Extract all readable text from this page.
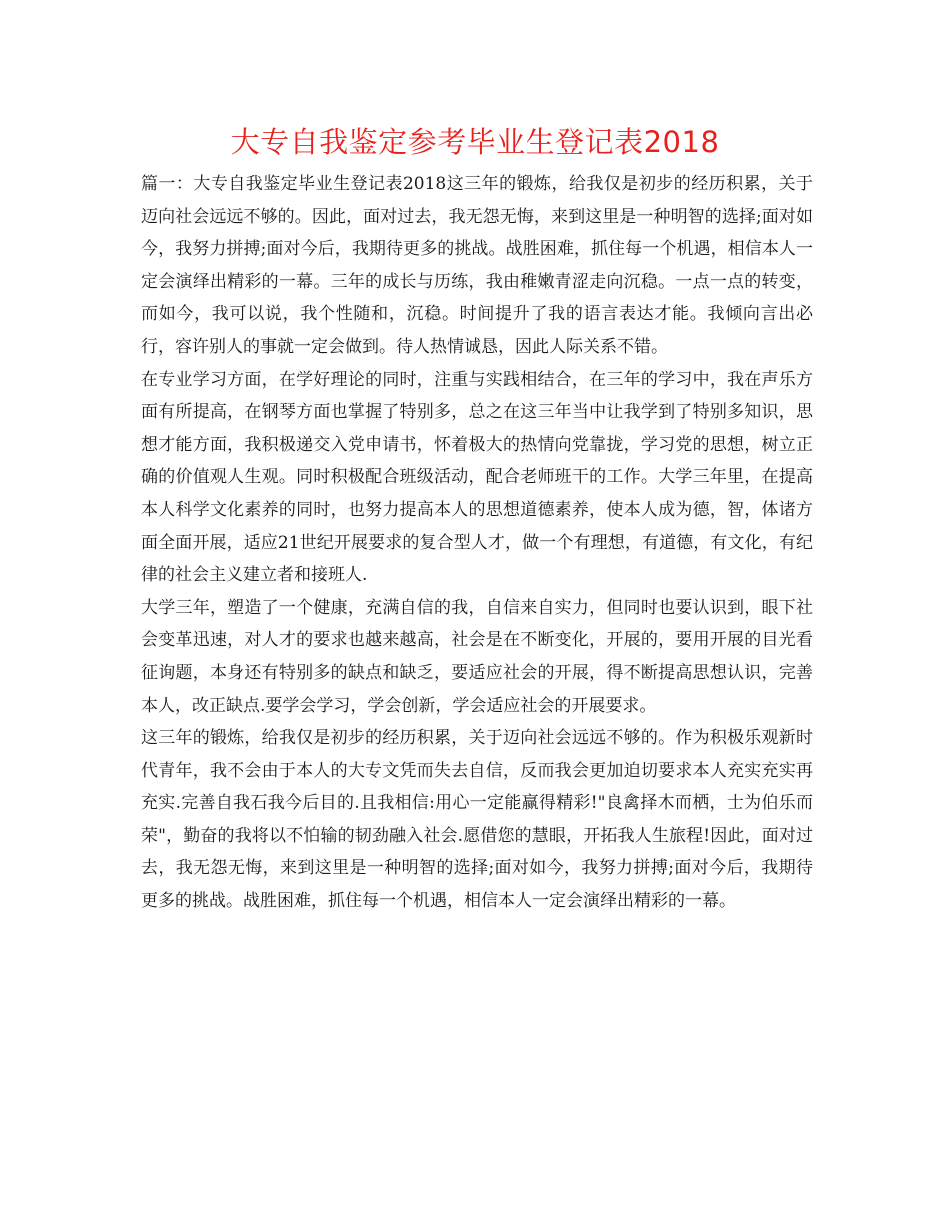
大专自我鉴定参考毕业生登记表2018

篇一：大专自我鉴定毕业生登记表2018这三年的锻炼，给我仅是初步的经历积累，关于迈向社会远远不够的。因此，面对过去，我无怨无悔，来到这里是一种明智的选择;面对如今，我努力拼搏;面对今后，我期待更多的挑战。战胜困难，抓住每一个机遇，相信本人一定会演绎出精彩的一幕。三年的成长与历练，我由稚嫩青涩走向沉稳。一点一点的转变，而如今，我可以说，我个性随和，沉稳。时间提升了我的语言表达才能。我倾向言出必行，容许别人的事就一定会做到。待人热情诚恳，因此人际关系不错。

在专业学习方面，在学好理论的同时，注重与实践相结合，在三年的学习中，我在声乐方面有所提高，在钢琴方面也掌握了特别多，总之在这三年当中让我学到了特别多知识，思想才能方面，我积极递交入党申请书，怀着极大的热情向党靠拢，学习党的思想，树立正确的价值观人生观。同时积极配合班级活动，配合老师班干的工作。大学三年里，在提高本人科学文化素养的同时，也努力提高本人的思想道德素养，使本人成为德，智，体诸方面全面开展，适应21世纪开展要求的复合型人才，做一个有理想，有道德，有文化，有纪律的社会主义建立者和接班人.

大学三年，塑造了一个健康，充满自信的我，自信来自实力，但同时也要认识到，眼下社会变革迅速，对人才的要求也越来越高，社会是在不断变化，开展的，要用开展的目光看征询题，本身还有特别多的缺点和缺乏，要适应社会的开展，得不断提高思想认识，完善本人，改正缺点.要学会学习，学会创新，学会适应社会的开展要求。

这三年的锻炼，给我仅是初步的经历积累，关于迈向社会远远不够的。作为积极乐观新时代青年，我不会由于本人的大专文凭而失去自信，反而我会更加迫切要求本人充实充实再充实.完善自我石我今后目的.且我相信:用心一定能赢得精彩!"良禽择木而栖，士为伯乐而荣"，勤奋的我将以不怕输的韧劲融入社会.愿借您的慧眼，开拓我人生旅程!因此，面对过去，我无怨无悔，来到这里是一种明智的选择;面对如今，我努力拼搏;面对今后，我期待更多的挑战。战胜困难，抓住每一个机遇，相信本人一定会演绎出精彩的一幕。
